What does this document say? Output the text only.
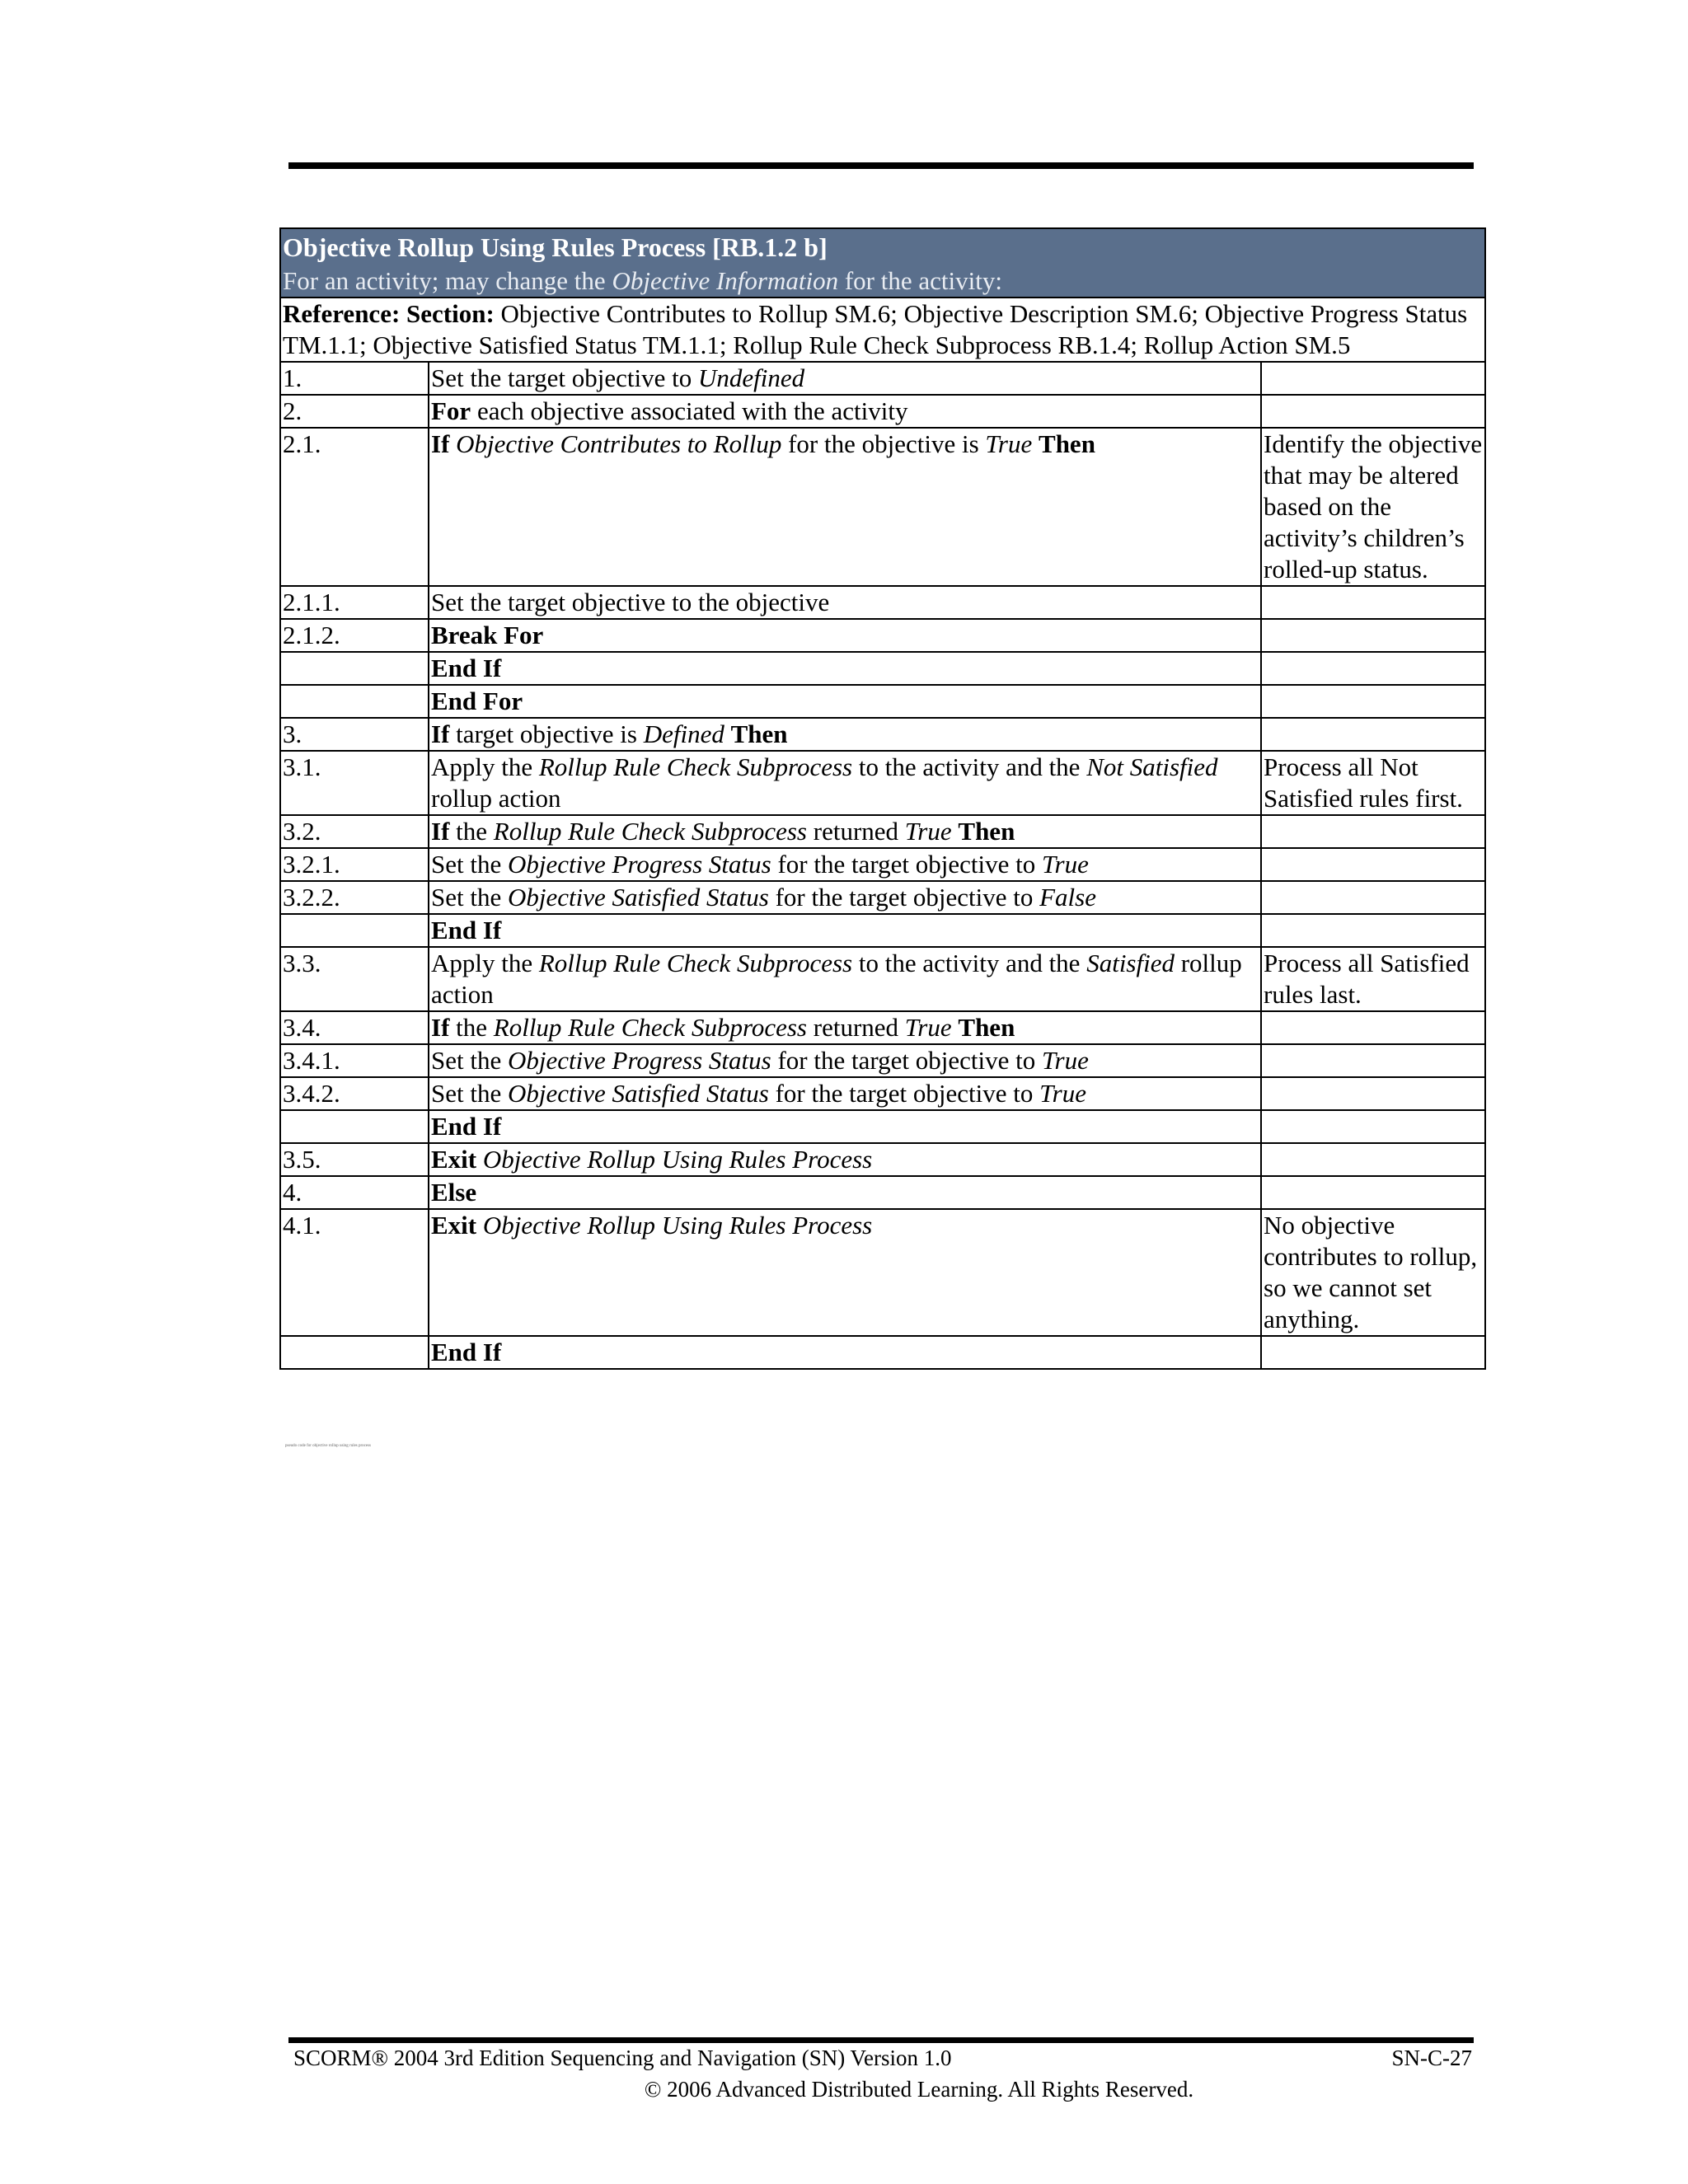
Objective Rollup Using Rules Process [RB.1.2 b]
For an activity; may change the Objective Information for the activity:		

Reference: Section: Objective Contributes to Rollup SM.6; Objective Description SM.6; Objective Progress Status TM.1.1; Objective Satisfied Status TM.1.1; Rollup Rule Check Subprocess RB.1.4; Rollup Action SM.5		
1.	Set the target objective to Undefined	
2.	For each objective associated with the activity	
2.1.	If Objective Contributes to Rollup for the objective is True Then	Identify the objective that may be altered based on the activity’s children’s rolled-up status.
2.1.1.	Set the target objective to the objective	
2.1.2.	Break For	
	End If	
	End For	
3.	If target objective is Defined Then	
3.1.	Apply the Rollup Rule Check Subprocess to the activity and the Not Satisfied rollup action	Process all Not Satisfied rules first.
3.2.	If the Rollup Rule Check Subprocess returned True Then	
3.2.1.	Set the Objective Progress Status for the target objective to True	
3.2.2.	Set the Objective Satisfied Status for the target objective to False	
	End If	
3.3.	Apply the Rollup Rule Check Subprocess to the activity and the Satisfied rollup action	Process all Satisfied rules last.
3.4.	If the Rollup Rule Check Subprocess returned True Then	
3.4.1.	Set the Objective Progress Status for the target objective to True	
3.4.2.	Set the Objective Satisfied Status for the target objective to True	
	End If	
3.5.	Exit Objective Rollup Using Rules Process	
4.	Else	
4.1.	Exit Objective Rollup Using Rules Process	No objective contributes to rollup, so we cannot set anything.
	End If	
pseudo code for objective rollup using rules process
SCORM® 2004 3rd Edition Sequencing and Navigation (SN) Version 1.0	SN-C-27
© 2006 Advanced Distributed Learning. All Rights Reserved.
